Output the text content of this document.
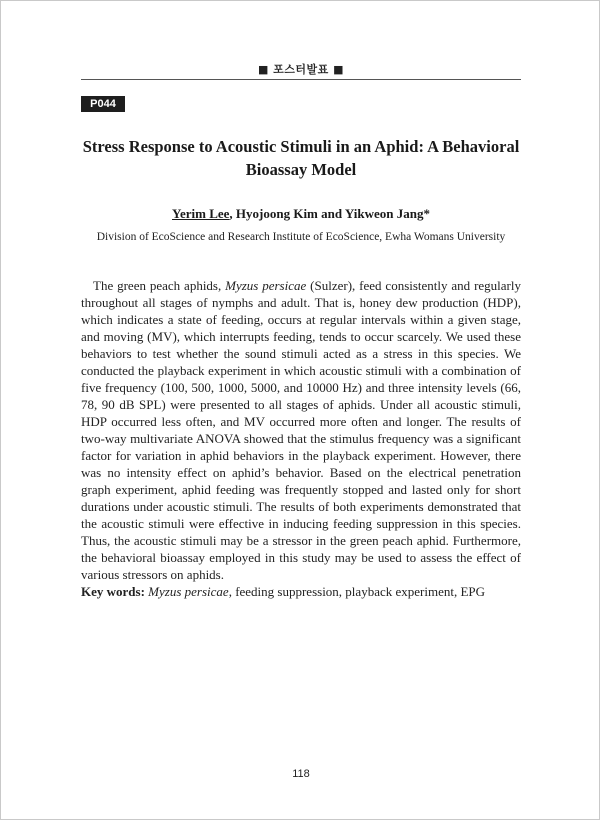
■ 포스터발표 ■
P044
Stress Response to Acoustic Stimuli in an Aphid: A Behavioral
Bioassay Model
Yerim Lee, Hyojoong Kim and Yikweon Jang*
Division of EcoScience and Research Institute of EcoScience, Ewha Womans University

The green peach aphids, Myzus persicae (Sulzer), feed consistently and regularly throughout all stages of nymphs and adult. That is, honey dew production (HDP), which indicates a state of feeding, occurs at regular intervals within a given stage, and moving (MV), which interrupts feeding, tends to occur scarcely. We used these behaviors to test whether the sound stimuli acted as a stress in this species. We conducted the playback experiment in which acoustic stimuli with a combination of five frequency (100, 500, 1000, 5000, and 10000 Hz) and three intensity levels (66, 78, 90 dB SPL) were presented to all stages of aphids. Under all acoustic stimuli, HDP occurred less often, and MV occurred more often and longer. The results of two-way multivariate ANOVA showed that the stimulus frequency was a significant factor for variation in aphid behaviors in the playback experiment. However, there was no intensity effect on aphid’s behavior. Based on the electrical penetration graph experiment, aphid feeding was frequently stopped and lasted only for short durations under acoustic stimuli. The results of both experiments demonstrated that the acoustic stimuli were effective in inducing feeding suppression in this species. Thus, the acoustic stimuli may be a stressor in the green peach aphid. Furthermore, the behavioral bioassay employed in this study may be used to assess the effect of various stressors on aphids.

Key words: Myzus persicae, feeding suppression, playback experiment, EPG
118
